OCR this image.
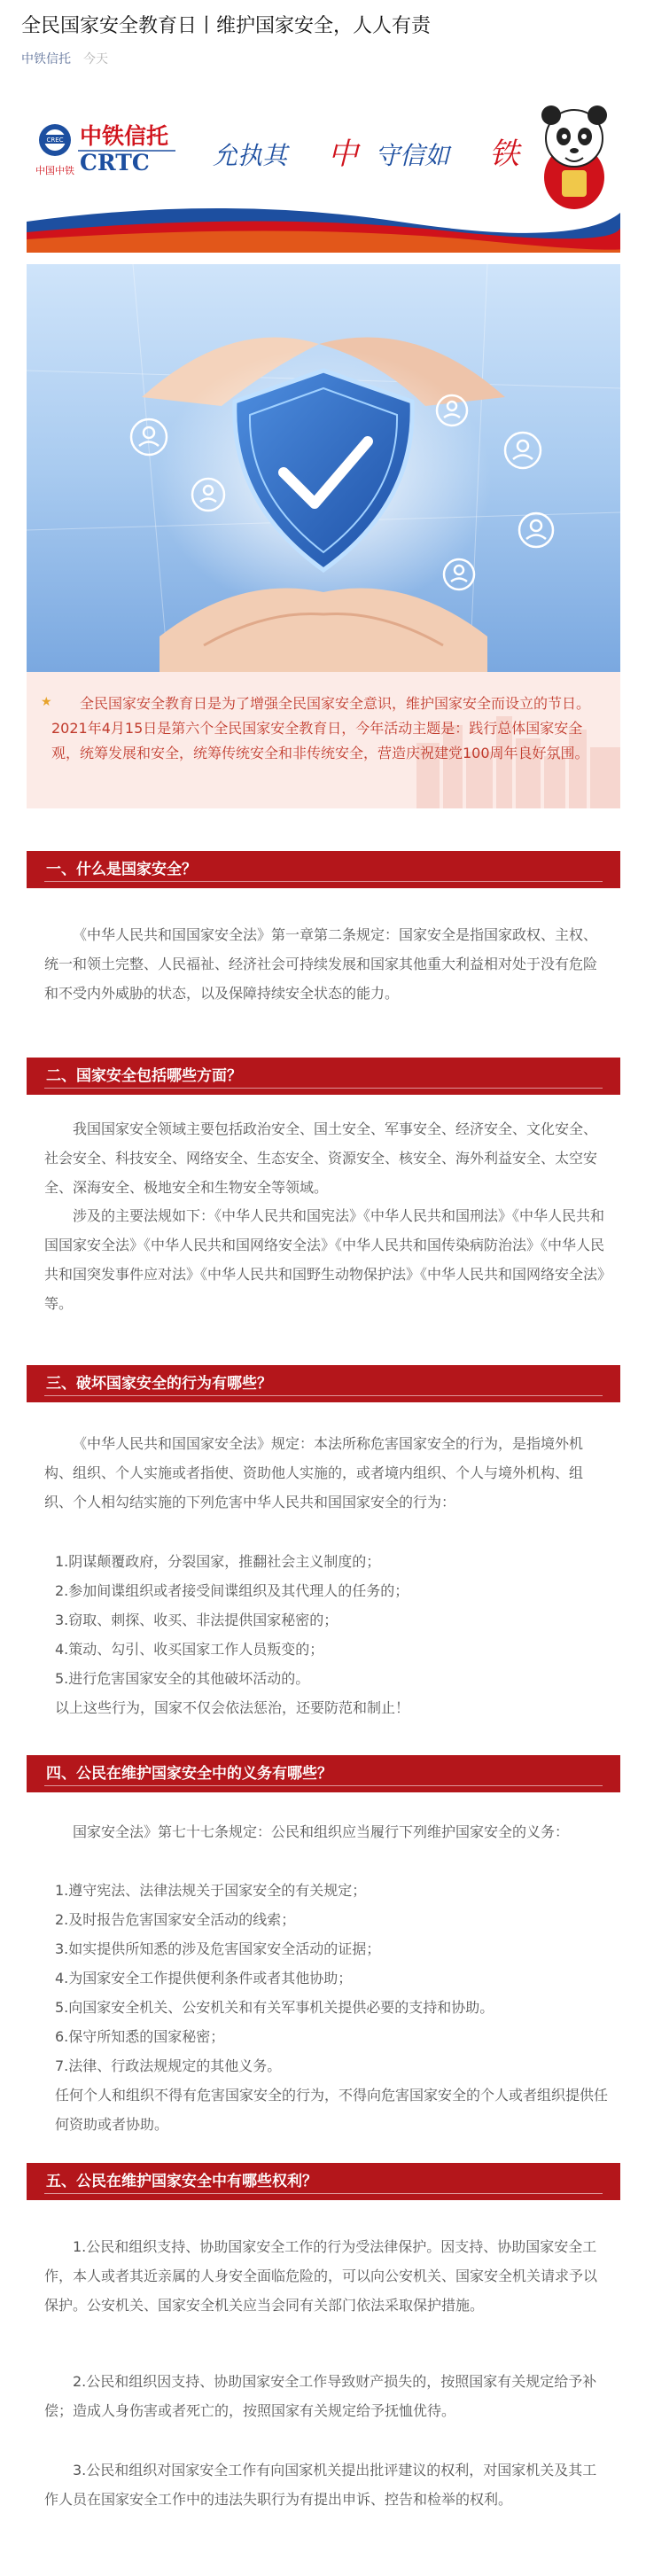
全民国家安全教育日丨维护国家安全，人人有责
中铁信托 今天
CREC
中国中铁
中铁信托
CRTC	允执其 中 守信如 铁
★	全民国家安全教育日是为了增强全民国家安全意识，维护国家安全而设立的节日。2021年4月15日是第六个全民国家安全教育日，今年活动主题是：践行总体国家安全观，统筹发展和安全，统筹传统安全和非传统安全，营造庆祝建党100周年良好氛围。
一、什么是国家安全？
《中华人民共和国国家安全法》第一章第二条规定：国家安全是指国家政权、主权、统一和领土完整、人民福祉、经济社会可持续发展和国家其他重大利益相对处于没有危险和不受内外威胁的状态，以及保障持续安全状态的能力。
二、国家安全包括哪些方面？
我国国家安全领域主要包括政治安全、国土安全、军事安全、经济安全、文化安全、社会安全、科技安全、网络安全、生态安全、资源安全、核安全、海外利益安全、太空安全、深海安全、极地安全和生物安全等领域。
涉及的主要法规如下：《中华人民共和国宪法》《中华人民共和国刑法》《中华人民共和国国家安全法》《中华人民共和国网络安全法》《中华人民共和国传染病防治法》《中华人民共和国突发事件应对法》《中华人民共和国野生动物保护法》《中华人民共和国网络安全法》等。
三、破坏国家安全的行为有哪些？
《中华人民共和国国家安全法》规定：本法所称危害国家安全的行为，是指境外机构、组织、个人实施或者指使、资助他人实施的，或者境内组织、个人与境外机构、组织、个人相勾结实施的下列危害中华人民共和国国家安全的行为：
1.阴谋颠覆政府，分裂国家，推翻社会主义制度的；
2.参加间谍组织或者接受间谍组织及其代理人的任务的；
3.窃取、刺探、收买、非法提供国家秘密的；
4.策动、勾引、收买国家工作人员叛变的；
5.进行危害国家安全的其他破坏活动的。
以上这些行为，国家不仅会依法惩治，还要防范和制止！
四、公民在维护国家安全中的义务有哪些？
国家安全法》第七十七条规定：公民和组织应当履行下列维护国家安全的义务：
1.遵守宪法、法律法规关于国家安全的有关规定；
2.及时报告危害国家安全活动的线索；
3.如实提供所知悉的涉及危害国家安全活动的证据；
4.为国家安全工作提供便利条件或者其他协助；
5.向国家安全机关、公安机关和有关军事机关提供必要的支持和协助。
6.保守所知悉的国家秘密；
7.法律、行政法规规定的其他义务。
任何个人和组织不得有危害国家安全的行为，不得向危害国家安全的个人或者组织提供任何资助或者协助。
五、公民在维护国家安全中有哪些权利？
1.公民和组织支持、协助国家安全工作的行为受法律保护。因支持、协助国家安全工作，本人或者其近亲属的人身安全面临危险的，可以向公安机关、国家安全机关请求予以保护。公安机关、国家安全机关应当会同有关部门依法采取保护措施。
2.公民和组织因支持、协助国家安全工作导致财产损失的，按照国家有关规定给予补偿；造成人身伤害或者死亡的，按照国家有关规定给予抚恤优待。
3.公民和组织对国家安全工作有向国家机关提出批评建议的权利，对国家机关及其工作人员在国家安全工作中的违法失职行为有提出申诉、控告和检举的权利。
